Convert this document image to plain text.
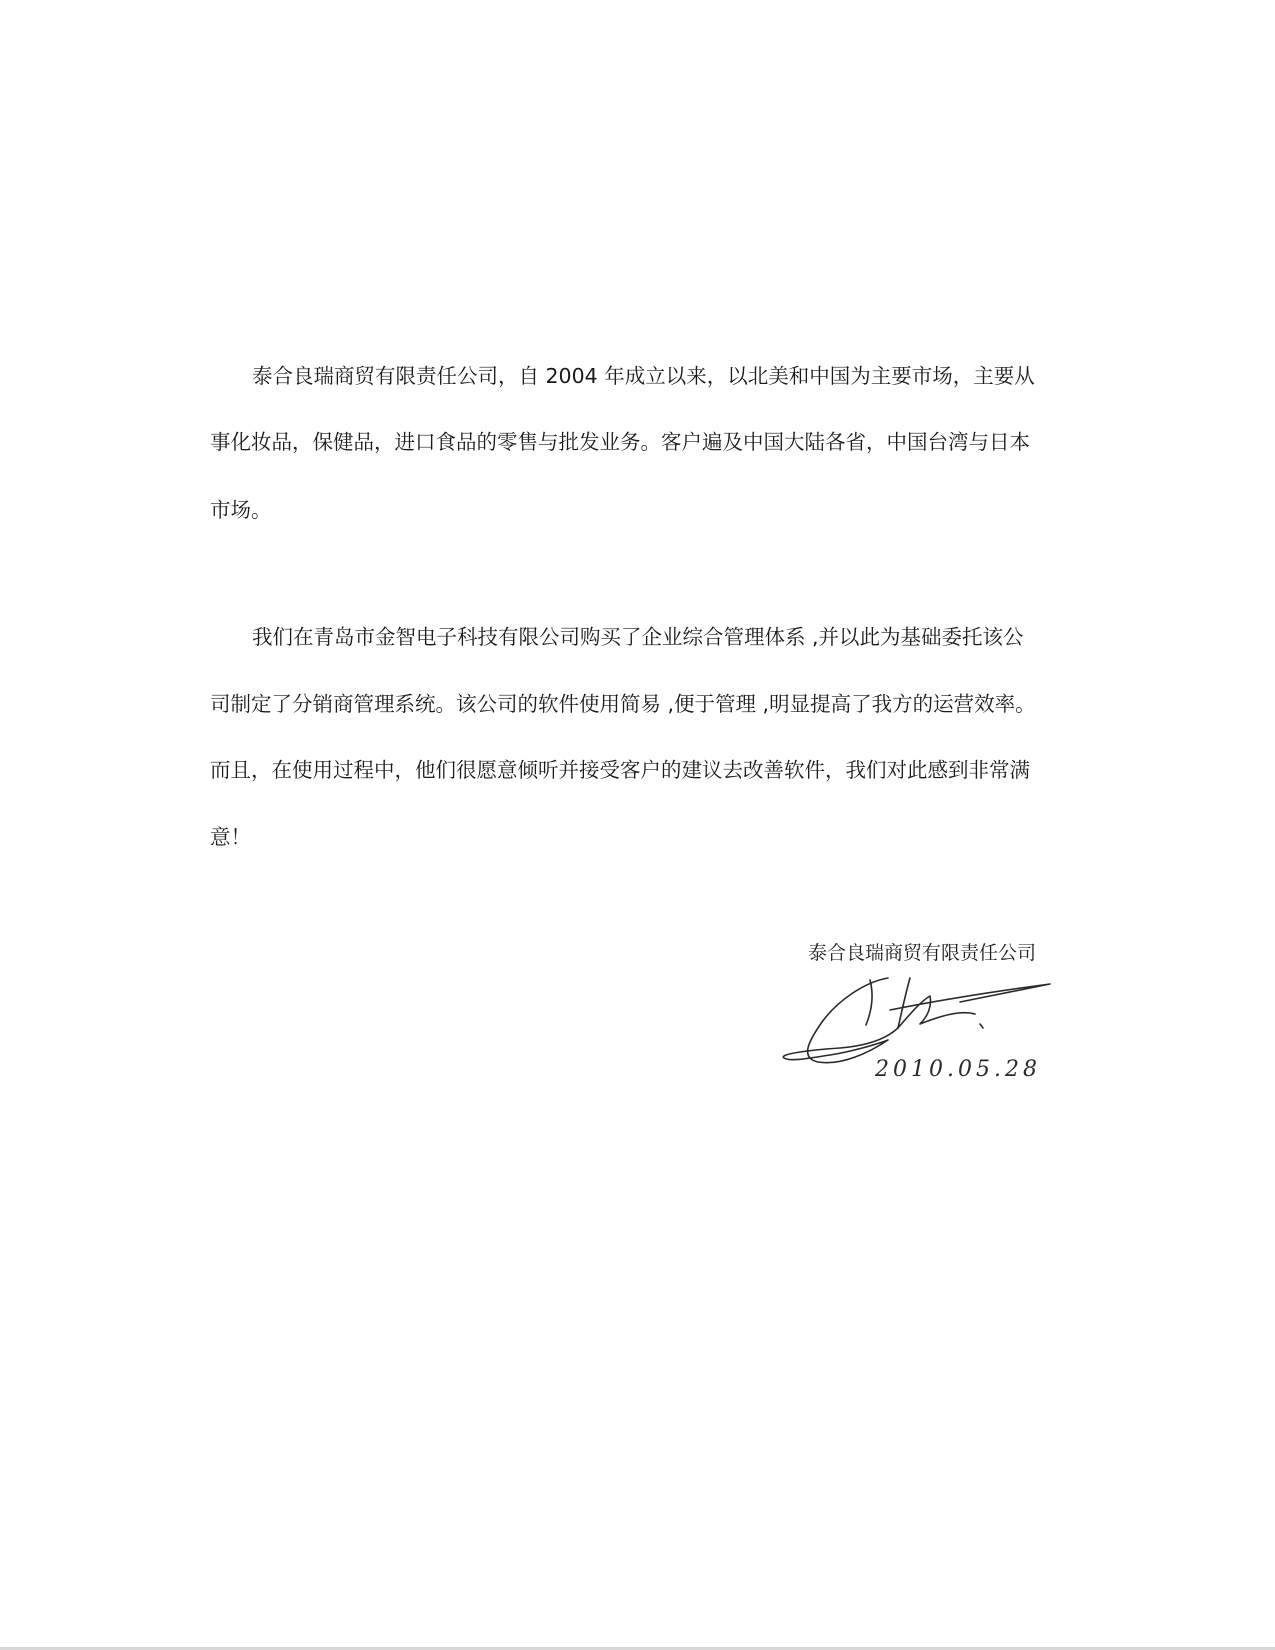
泰合良瑞商贸有限责任公司，自 2004 年成立以来，以北美和中国为主要市场，主要从
事化妆品，保健品，进口食品的零售与批发业务。客户遍及中国大陆各省，中国台湾与日本
市场。
我们在青岛市金智电子科技有限公司购买了企业综合管理体系 ,并以此为基础委托该公
司制定了分销商管理系统。该公司的软件使用简易 ,便于管理 ,明显提高了我方的运营效率。
而且，在使用过程中，他们很愿意倾听并接受客户的建议去改善软件，我们对此感到非常满
意！
泰合良瑞商贸有限责任公司
2010.05.28
